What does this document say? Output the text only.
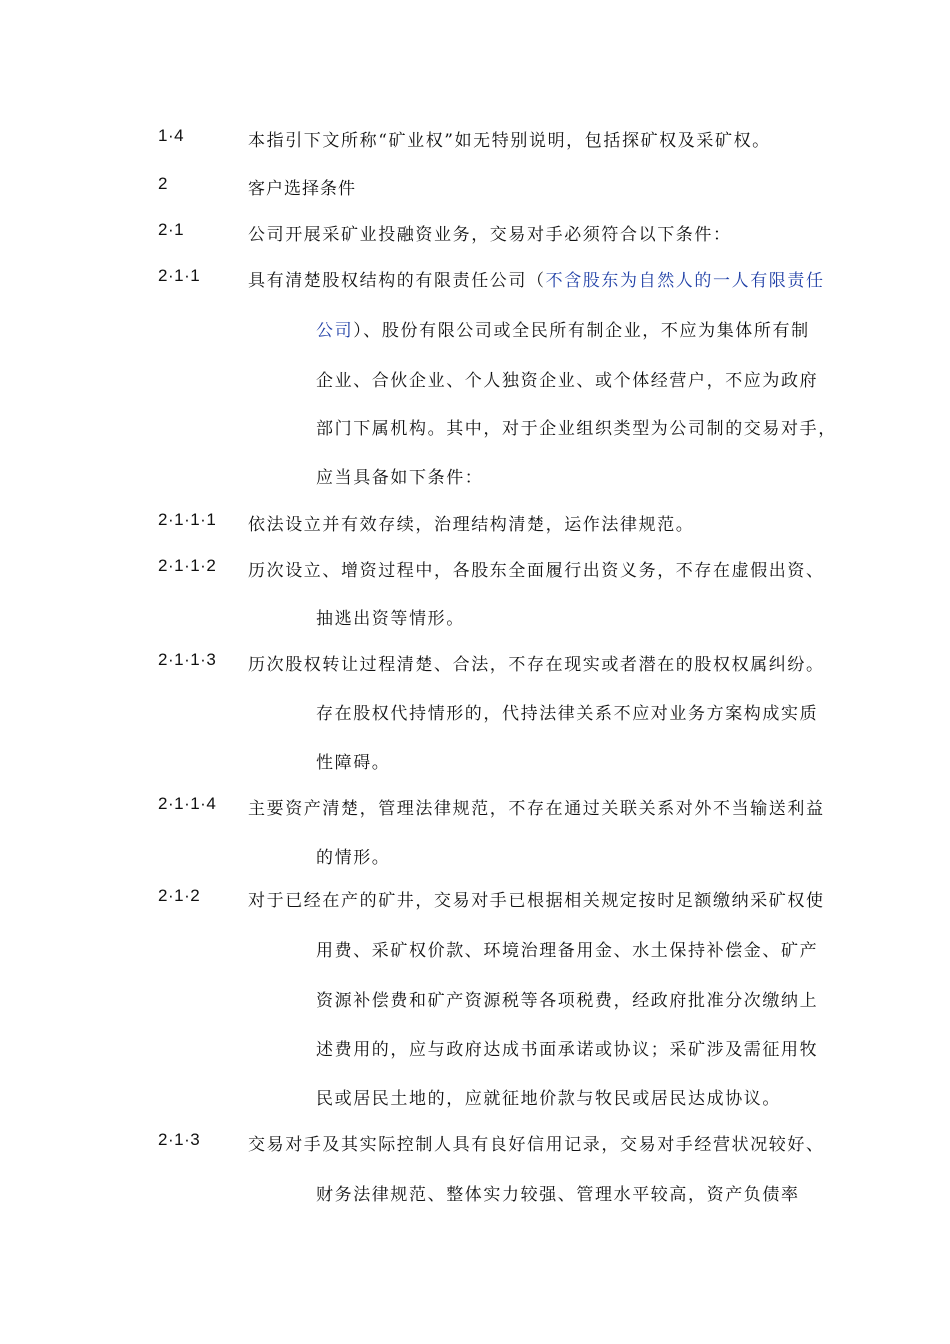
1·4	本指引下文所称“矿业权”如无特别说明，包括探矿权及采矿权。
2	客户选择条件
2·1	公司开展采矿业投融资业务，交易对手必须符合以下条件：
2·1·1	具有清楚股权结构的有限责任公司（不含股东为自然人的一人有限责任
公司）、股份有限公司或全民所有制企业，不应为集体所有制
企业、合伙企业、个人独资企业、或个体经营户，不应为政府
部门下属机构。其中，对于企业组织类型为公司制的交易对手，
应当具备如下条件：
2·1·1·1 依法设立并有效存续，治理结构清楚，运作法律规范。
2·1·1·2 历次设立、增资过程中，各股东全面履行出资义务，不存在虚假出资、
抽逃出资等情形。
2·1·1·3 历次股权转让过程清楚、合法，不存在现实或者潜在的股权权属纠纷。
存在股权代持情形的，代持法律关系不应对业务方案构成实质
性障碍。
2·1·1·4 主要资产清楚，管理法律规范，不存在通过关联关系对外不当输送利益
的情形。
2·1·2	对于已经在产的矿井，交易对手已根据相关规定按时足额缴纳采矿权使
用费、采矿权价款、环境治理备用金、水土保持补偿金、矿产
资源补偿费和矿产资源税等各项税费，经政府批准分次缴纳上
述费用的，应与政府达成书面承诺或协议；采矿涉及需征用牧
民或居民土地的，应就征地价款与牧民或居民达成协议。
2·1·3	交易对手及其实际控制人具有良好信用记录，交易对手经营状况较好、
财务法律规范、整体实力较强、管理水平较高，资产负债率
